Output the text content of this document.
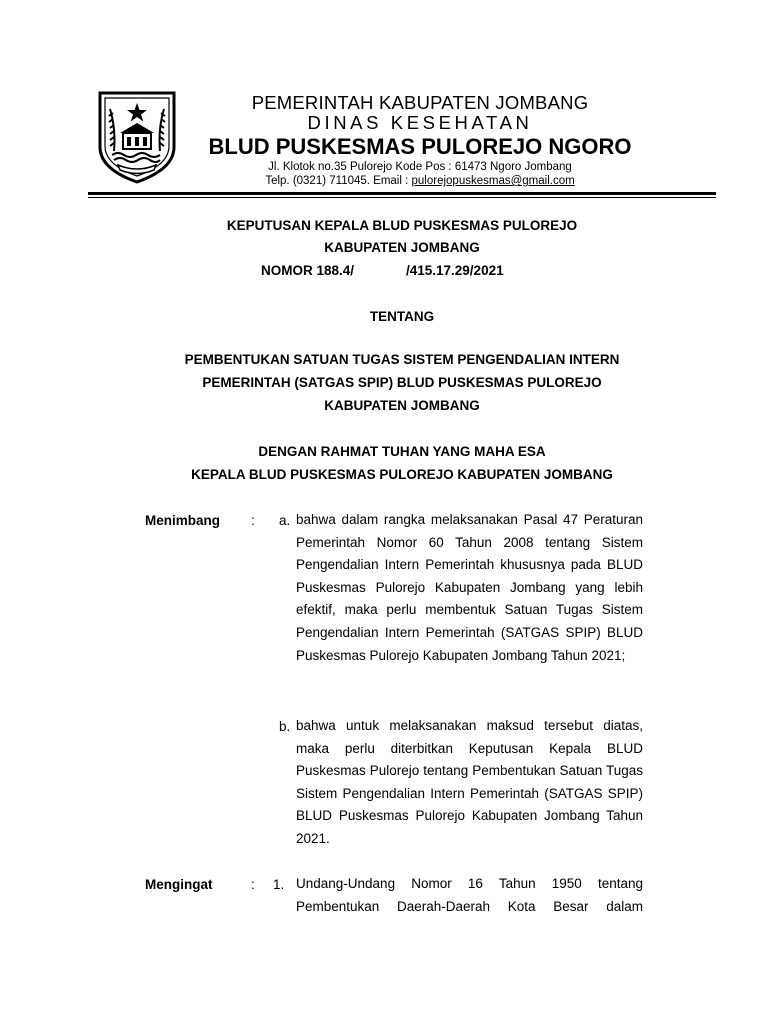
PEMERINTAH KABUPATEN JOMBANG
DINAS KESEHATAN
BLUD PUSKESMAS PULOREJO NGORO
Jl. Klotok no.35 Pulorejo Kode Pos : 61473 Ngoro Jombang
Telp. (0321) 711045. Email : pulorejopuskesmas@gmail.com
KEPUTUSAN KEPALA BLUD PUSKESMAS PULOREJO
KABUPATEN JOMBANG
NOMOR 188.4/	/415.17.29/2021
TENTANG
PEMBENTUKAN SATUAN TUGAS SISTEM PENGENDALIAN INTERN
PEMERINTAH (SATGAS SPIP) BLUD PUSKESMAS PULOREJO
KABUPATEN JOMBANG
DENGAN RAHMAT TUHAN YANG MAHA ESA
KEPALA BLUD PUSKESMAS PULOREJO KABUPATEN JOMBANG
Menimbang : a. bahwa dalam rangka melaksanakan Pasal 47 Peraturan Pemerintah Nomor 60 Tahun 2008 tentang Sistem Pengendalian Intern Pemerintah khususnya pada BLUD Puskesmas Pulorejo Kabupaten Jombang yang lebih efektif, maka perlu membentuk Satuan Tugas Sistem Pengendalian Intern Pemerintah (SATGAS SPIP) BLUD Puskesmas Pulorejo Kabupaten Jombang Tahun 2021;
b. bahwa untuk melaksanakan maksud tersebut diatas, maka perlu diterbitkan Keputusan Kepala BLUD Puskesmas Pulorejo tentang Pembentukan Satuan Tugas Sistem Pengendalian Intern Pemerintah (SATGAS SPIP) BLUD Puskesmas Pulorejo Kabupaten Jombang Tahun 2021.
Mengingat	: 1. Undang-Undang Nomor 16 Tahun 1950 tentang Pembentukan Daerah-Daerah Kota Besar dalam
